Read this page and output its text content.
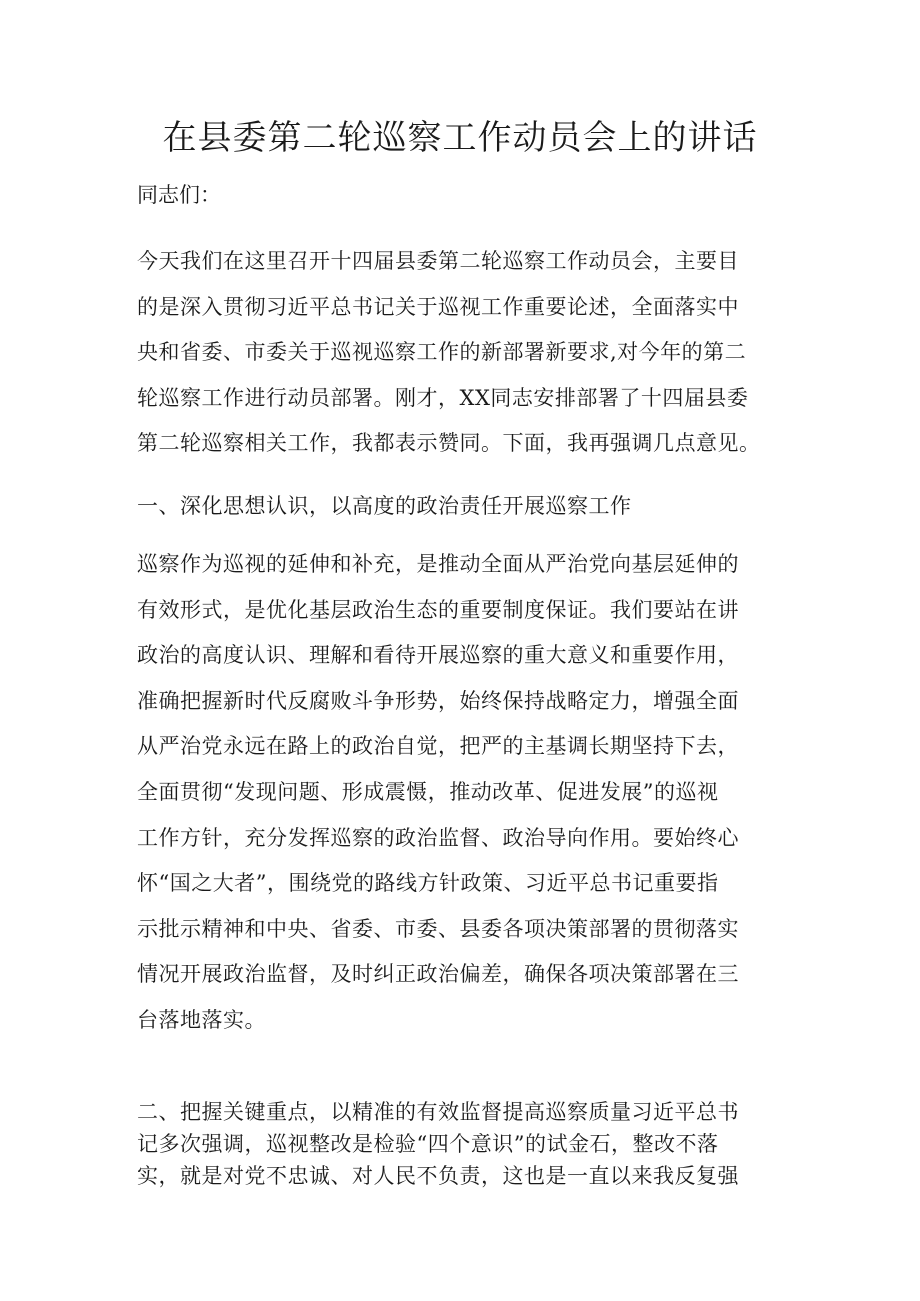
在县委第二轮巡察工作动员会上的讲话

同志们：

今天我们在这里召开十四届县委第二轮巡察工作动员会，主要目
的是深入贯彻习近平总书记关于巡视工作重要论述，全面落实中
央和省委、市委关于巡视巡察工作的新部署新要求,对今年的第二
轮巡察工作进行动员部署。刚才，XX同志安排部署了十四届县委
第二轮巡察相关工作，我都表示赞同。下面，我再强调几点意见。
一、深化思想认识，以高度的政治责任开展巡察工作
巡察作为巡视的延伸和补充，是推动全面从严治党向基层延伸的
有效形式，是优化基层政治生态的重要制度保证。我们要站在讲
政治的高度认识、理解和看待开展巡察的重大意义和重要作用，
准确把握新时代反腐败斗争形势，始终保持战略定力，增强全面
从严治党永远在路上的政治自觉，把严的主基调长期坚持下去，
全面贯彻“发现问题、形成震慑，推动改革、促进发展”的巡视
工作方针，充分发挥巡察的政治监督、政治导向作用。要始终心
怀“国之大者”，围绕党的路线方针政策、习近平总书记重要指
示批示精神和中央、省委、市委、县委各项决策部署的贯彻落实
情况开展政治监督，及时纠正政治偏差，确保各项决策部署在三
台落地落实。
二、把握关键重点，以精准的有效监督提高巡察质量习近平总书
记多次强调，巡视整改是检验“四个意识”的试金石，整改不落
实，就是对党不忠诚、对人民不负责，这也是一直以来我反复强
